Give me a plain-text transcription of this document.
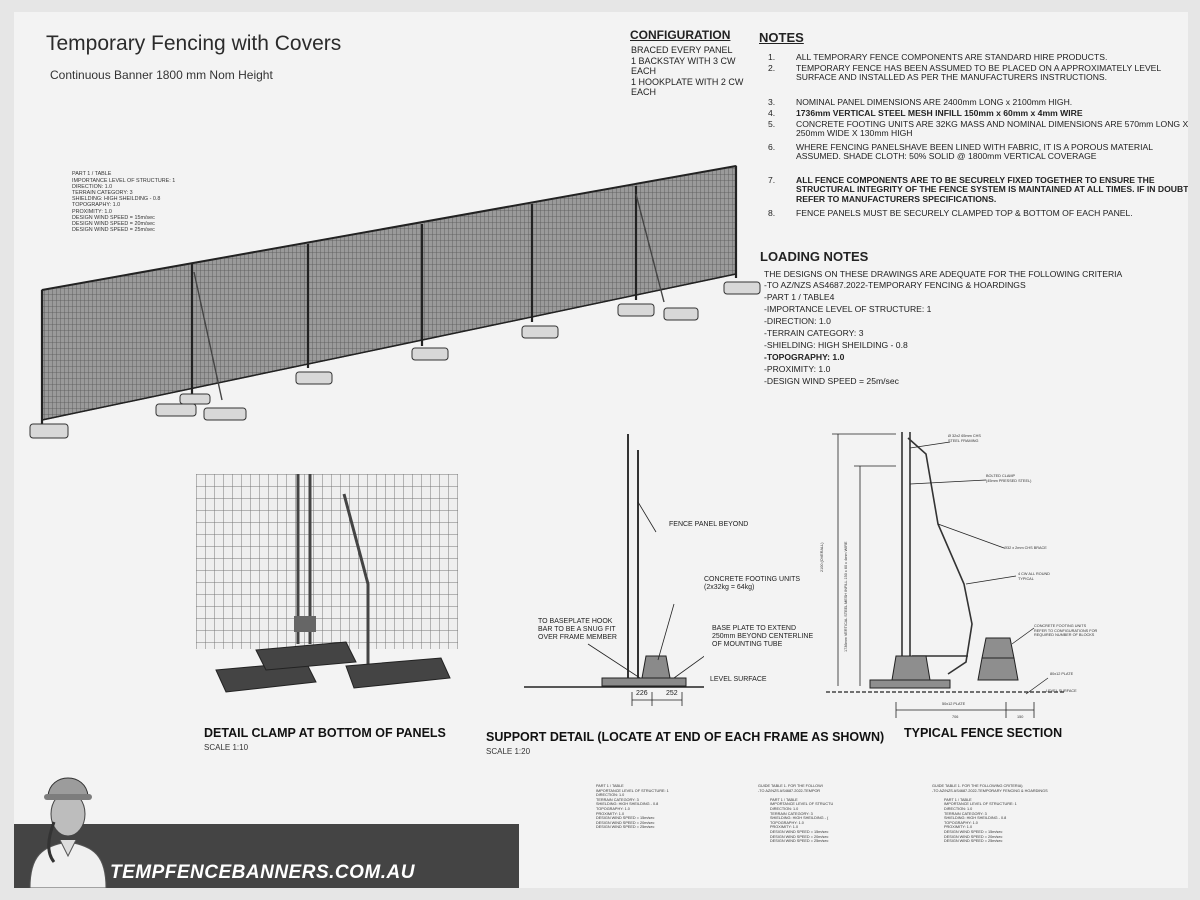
Temporary Fencing with Covers
Continuous Banner 1800 mm Nom Height

PART 1 / TABLE
IMPORTANCE LEVEL OF STRUCTURE: 1
DIRECTION: 1.0
TERRAIN CATEGORY: 3
SHIELDING: HIGH SHEILDING - 0.8
TOPOGRAPHY: 1.0
PROXIMITY: 1.0
DESIGN WIND SPEED = 15m/sec
DESIGN WIND SPEED = 20m/sec
DESIGN WIND SPEED = 25m/sec

CONFIGURATION
BRACED EVERY PANEL
1 BACKSTAY WITH 3 CW
EACH
1 HOOKPLATE WITH 2 CW
EACH
NOTES
1. ALL TEMPORARY FENCE COMPONENTS ARE STANDARD HIRE PRODUCTS.
2. TEMPORARY FENCE HAS BEEN ASSUMED TO BE PLACED ON A APPROXIMATELY LEVEL SURFACE AND INSTALLED AS PER THE MANUFACTURERS INSTRUCTIONS.
3. NOMINAL PANEL DIMENSIONS ARE 2400mm LONG x 2100mm HIGH.
4. 1736mm VERTICAL STEEL MESH INFILL 150mm x 60mm x 4mm WIRE
5. CONCRETE FOOTING UNITS ARE 32KG MASS AND NOMINAL DIMENSIONS ARE 570mm LONG X 250mm WIDE X 130mm HIGH
6. WHERE FENCING PANELSHAVE BEEN LINED WITH FABRIC, IT IS A POROUS MATERIAL ASSUMED. SHADE CLOTH: 50% SOLID @ 1800mm VERTICAL COVERAGE
7. ALL FENCE COMPONENTS ARE TO BE SECURELY FIXED TOGETHER TO ENSURE THE STRUCTURAL INTEGRITY OF THE FENCE SYSTEM IS MAINTAINED AT ALL TIMES. IF IN DOUBT REFER TO MANUFACTURERS SPECIFICATIONS.
8. FENCE PANELS MUST BE SECURELY CLAMPED TOP & BOTTOM OF EACH PANEL.
LOADING NOTES
THE DESIGNS ON THESE DRAWINGS ARE ADEQUATE FOR THE FOLLOWING CRITERIA
-TO AZ/NZS AS4687.2022-TEMPORARY FENCING & HOARDINGS
-PART 1 / TABLE4
-IMPORTANCE LEVEL OF STRUCTURE: 1
-DIRECTION: 1.0
-TERRAIN CATEGORY: 3
-SHIELDING: HIGH SHEILDING - 0.8
-TOPOGRAPHY: 1.0
-PROXIMITY: 1.0
-DESIGN WIND SPEED = 25m/sec
FENCE PANEL BEYOND
CONCRETE FOOTING UNITS
(2x32kg = 64kg)
TO BASEPLATE HOOK
BAR TO BE A SNUG FIT
OVER FRAME MEMBER
BASE PLATE TO EXTEND
250mm BEYOND CENTERLINE
OF MOUNTING TUBE
LEVEL SURFACE
226	252
Ø 32x2 65mm CHS
STEEL FRAMING
BOLTED CLAMP
(45mm PRESSED STEEL)
Ø32 x 2mm CHS BRACE
4 CW ALL ROUND
TYPICAL
CONCRETE FOOTING UNITS
REFER TO CONFIGURATIONS FOR
REQUIRED NUMBER OF BLOCKS
80x12 PLATE
LEVEL SURFACE
50x12 PLATE
706	150
2100 (OVERALL)	1736mm VERTICAL STEEL MESH INFILL 150 x 60 x 4mm WIRE
DETAIL CLAMP AT BOTTOM OF PANELS
SCALE 1:10
SUPPORT DETAIL (LOCATE AT END OF EACH FRAME AS SHOWN)
SCALE 1:20
TYPICAL FENCE SECTION
PART 1 / TABLE
IMPORTANCE LEVEL OF STRUCTURE: 1
DIRECTION: 1.0
TERRAIN CATEGORY: 3
SHIELDING: HIGH SHEILDING - 0.8
TOPOGRAPHY: 1.0
PROXIMITY: 1.0
DESIGN WIND SPEED = 15m/sec
DESIGN WIND SPEED = 20m/sec
DESIGN WIND SPEED = 25m/sec
GUIDE TABLE 1. FOR THE FOLLOWI
-TO AZ/NZS AS4687.2022-TEMPOR

PART 1 / TABLE
IMPORTANCE LEVEL OF STRUCTU
DIRECTION: 1.0
TERRAIN CATEGORY: 3
SHIELDING: HIGH SHEILDING - (
TOPOGRAPHY: 1.0
PROXIMITY: 1.0
DESIGN WIND SPEED = 15m/sec
DESIGN WIND SPEED = 20m/sec
DESIGN WIND SPEED = 25m/sec
GUIDE TABLE 1. FOR THE FOLLOWING CRITERIA)
-TO AZ/NZS AS4687.2022-TEMPORARY FENCING & HOARDINGS

PART 1 / TABLE
IMPORTANCE LEVEL OF STRUCTURE: 1
DIRECTION: 1.0
TERRAIN CATEGORY: 3
SHIELDING: HIGH SHEILDING - 0.8
TOPOGRAPHY: 1.0
PROXIMITY: 1.0
DESIGN WIND SPEED = 15m/sec
DESIGN WIND SPEED = 20m/sec
DESIGN WIND SPEED = 25m/sec
TEMPFENCEBANNERS.COM.AU
